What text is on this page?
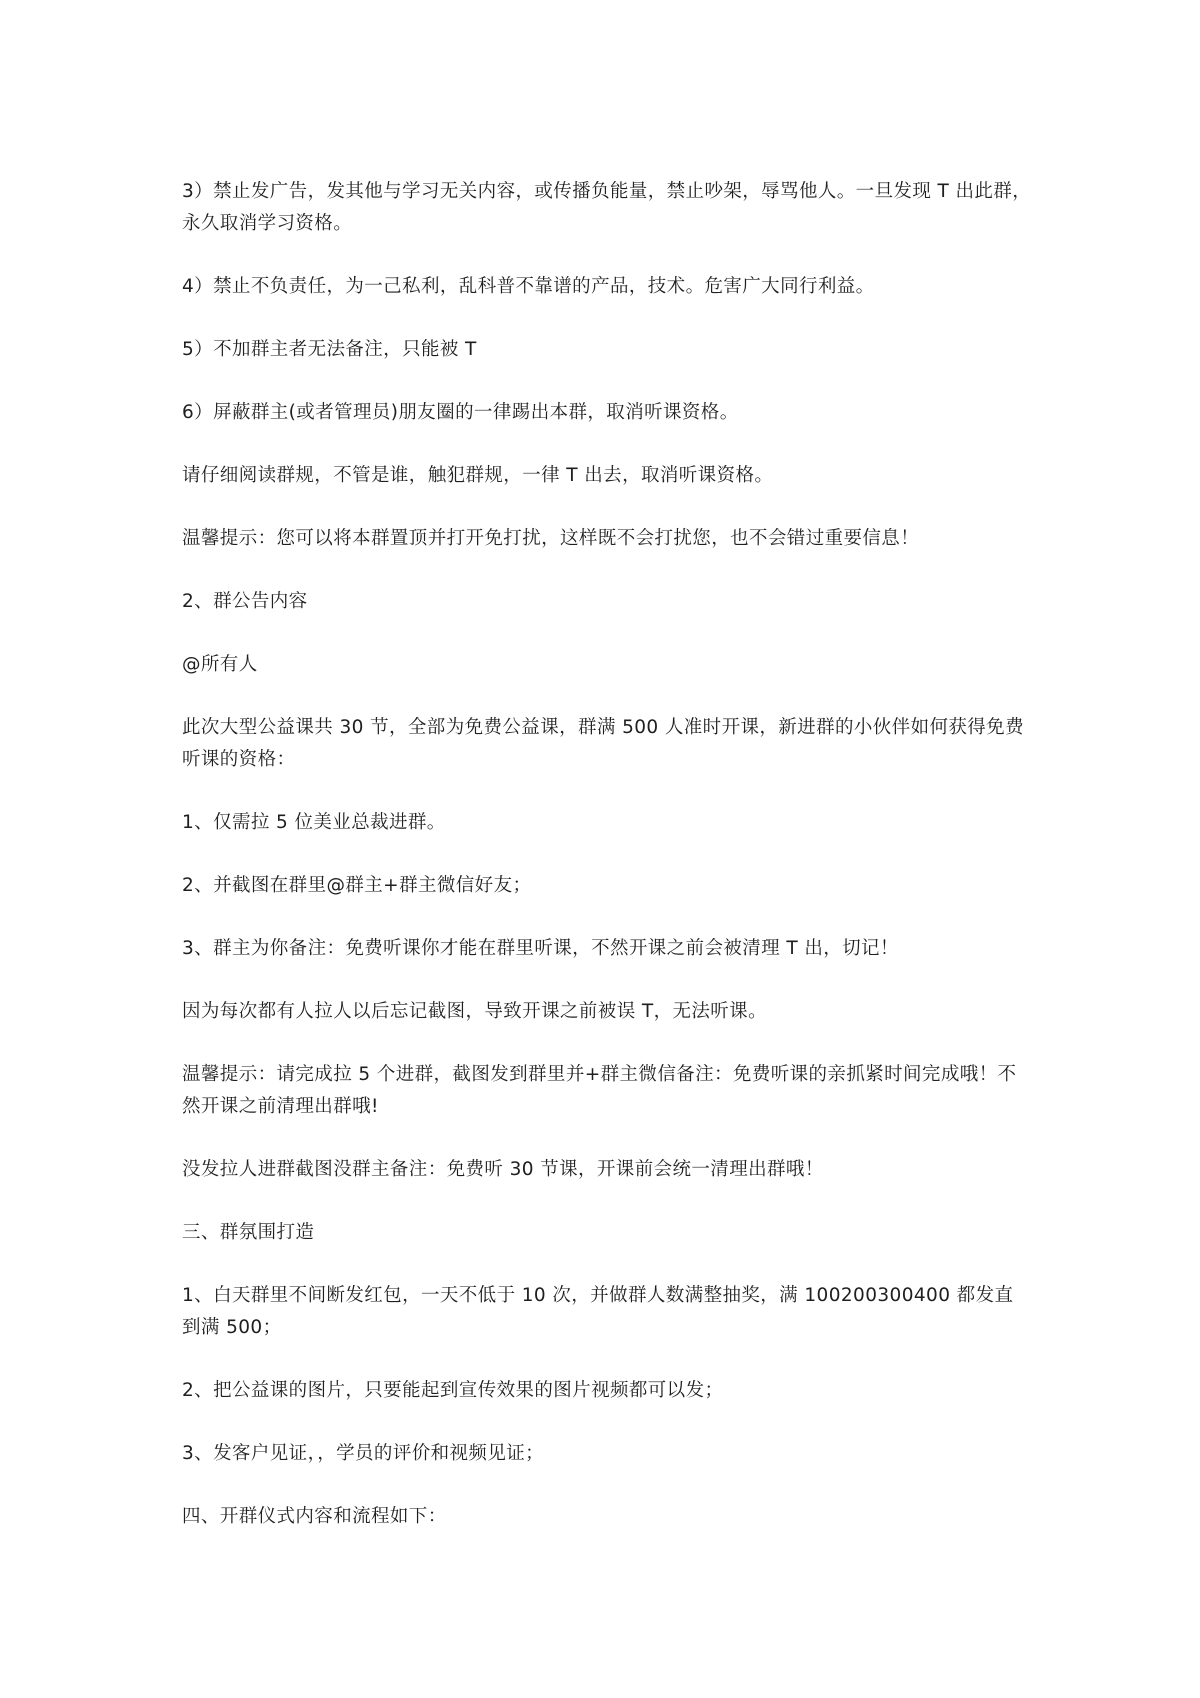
3）禁止发广告，发其他与学习无关内容，或传播负能量，禁止吵架，辱骂他人。一旦发现 T 出此群，永久取消学习资格。

4）禁止不负责任，为一己私利，乱科普不靠谱的产品，技术。危害广大同行利益。

5）不加群主者无法备注，只能被 T

6）屏蔽群主(或者管理员)朋友圈的一律踢出本群，取消听课资格。

请仔细阅读群规，不管是谁，触犯群规，一律 T 出去，取消听课资格。

温馨提示：您可以将本群置顶并打开免打扰，这样既不会打扰您，也不会错过重要信息！

2、群公告内容

@所有人

此次大型公益课共 30 节，全部为免费公益课，群满 500 人准时开课，新进群的小伙伴如何获得免费听课的资格：

1、仅需拉 5 位美业总裁进群。

2、并截图在群里@群主+群主微信好友；

3、群主为你备注：免费听课你才能在群里听课，不然开课之前会被清理 T 出，切记！

因为每次都有人拉人以后忘记截图，导致开课之前被误 T，无法听课。

温馨提示：请完成拉 5 个进群，截图发到群里并+群主微信备注：免费听课的亲抓紧时间完成哦！不然开课之前清理出群哦!

没发拉人进群截图没群主备注：免费听 30 节课，开课前会统一清理出群哦！

三、群氛围打造

1、白天群里不间断发红包，一天不低于 10 次，并做群人数满整抽奖，满 100200300400 都发直到满 500；

2、把公益课的图片，只要能起到宣传效果的图片视频都可以发；

3、发客户见证，，学员的评价和视频见证；

四、开群仪式内容和流程如下：
